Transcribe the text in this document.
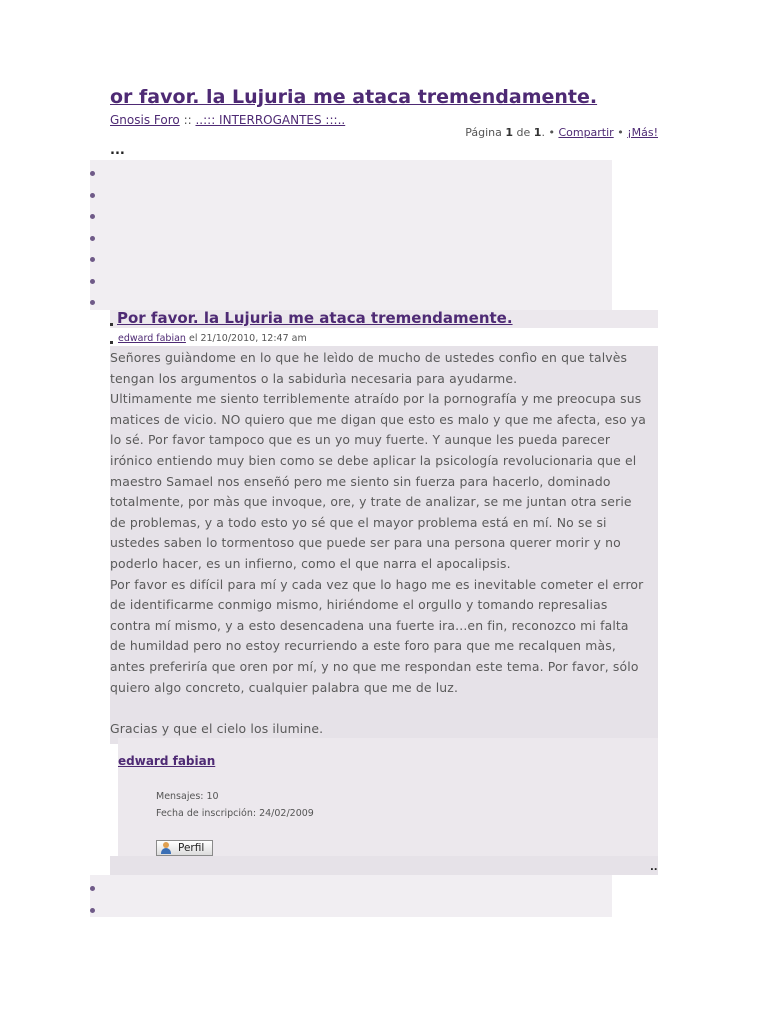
or favor. la Lujuria me ataca tremendamente.
Gnosis Foro :: ..::: INTERROGANTES :::..
Página 1 de 1. • Compartir • ¡Más!
...
Por favor. la Lujuria me ataca tremendamente.
edward fabian el 21/10/2010, 12:47 am

Señores guiàndome en lo que he leìdo de mucho de ustedes confìo en que talvès

tengan los argumentos o la sabidurìa necesaria para ayudarme.

Ultimamente me siento terriblemente atraído por la pornografía y me preocupa sus

matices de vicio. NO quiero que me digan que esto es malo y que me afecta, eso ya

lo sé. Por favor tampoco que es un yo muy fuerte. Y aunque les pueda parecer

irónico entiendo muy bien como se debe aplicar la psicología revolucionaria que el

maestro Samael nos enseñó pero me siento sin fuerza para hacerlo, dominado

totalmente, por màs que invoque, ore, y trate de analizar, se me juntan otra serie

de problemas, y a todo esto yo sé que el mayor problema está en mí. No se si

ustedes saben lo tormentoso que puede ser para una persona querer morir y no

poderlo hacer, es un infierno, como el que narra el apocalipsis.

Por favor es difícil para mí y cada vez que lo hago me es inevitable cometer el error

de identificarme conmigo mismo, hiriéndome el orgullo y tomando represalias

contra mí mismo, y a esto desencadena una fuerte ira...en fin, reconozco mi falta

de humildad pero no estoy recurriendo a este foro para que me recalquen màs,

antes preferiría que oren por mí, y no que me respondan este tema. Por favor, sólo

quiero algo concreto, cualquier palabra que me de luz.

Gracias y que el cielo los ilumine.

edward fabian
Mensajes: 10
Fecha de inscripción: 24/02/2009
Perfil
..
